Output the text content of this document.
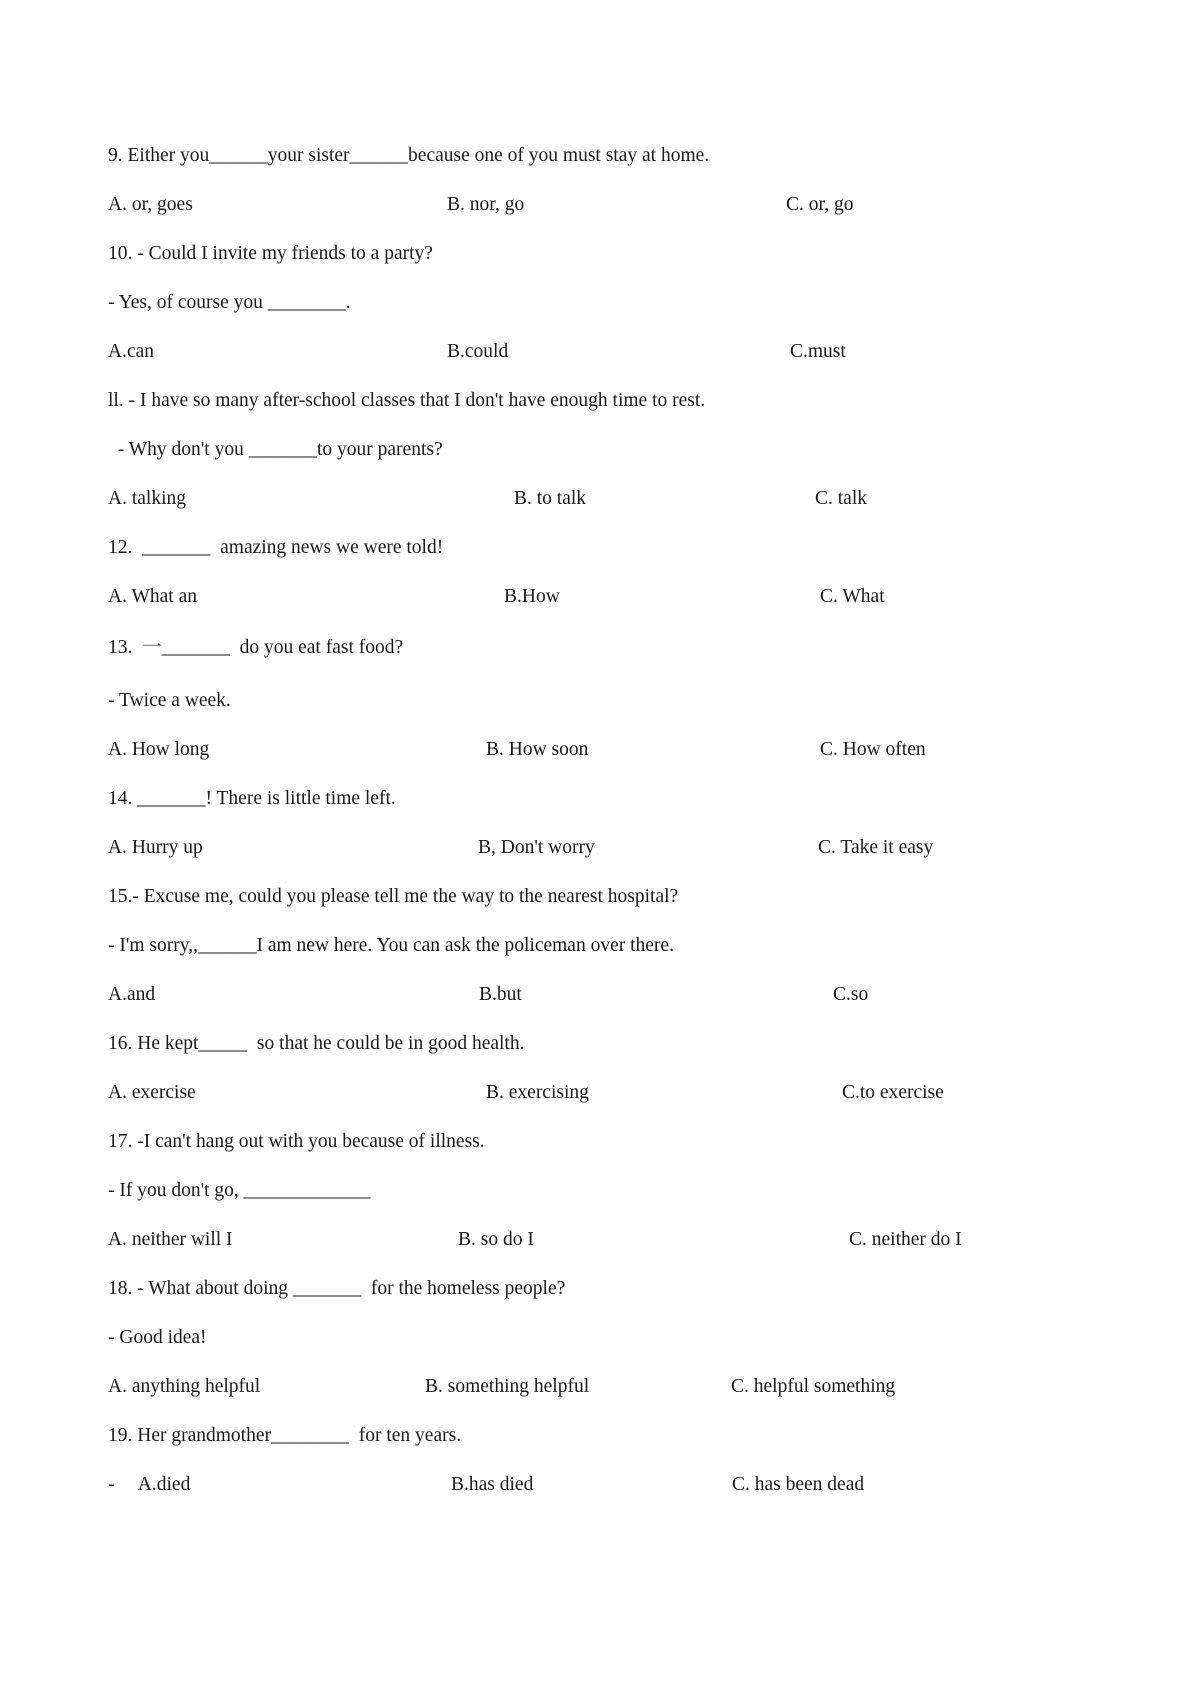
9. Either you______your sister______because one of you must stay at home.
A. or, goes	B. nor, go	C. or, go
10. - Could I invite my friends to a party?
- Yes, of course you ________.
A.can	B.could	C.must
ll. - I have so many after-school classes that I don't have enough time to rest.
- Why don't you _______to your parents?
A. talking	B. to talk	C. talk
12.  _______  amazing news we were told!
A. What an	B.How	C. What
13.  一_______  do you eat fast food?
- Twice a week.
A. How long	B. How soon	C. How often
14. _______! There is little time left.
A. Hurry up	B, Don't worry	C. Take it easy
15.- Excuse me, could you please tell me the way to the nearest hospital?
- I'm sorry,,______I am new here. You can ask the policeman over there.
A.and	B.but	C.so
16. He kept_____  so that he could be in good health.
A. exercise	B. exercising	C.to exercise
17. -I can't hang out with you because of illness.
- If you don't go, _____________
A. neither will I	B. so do I	C. neither do I
18. - What about doing _______  for the homeless people?
- Good idea!
A. anything helpful	B. something helpful	C. helpful something
19. Her grandmother________  for ten years.
-     A.died	B.has died	C. has been dead
